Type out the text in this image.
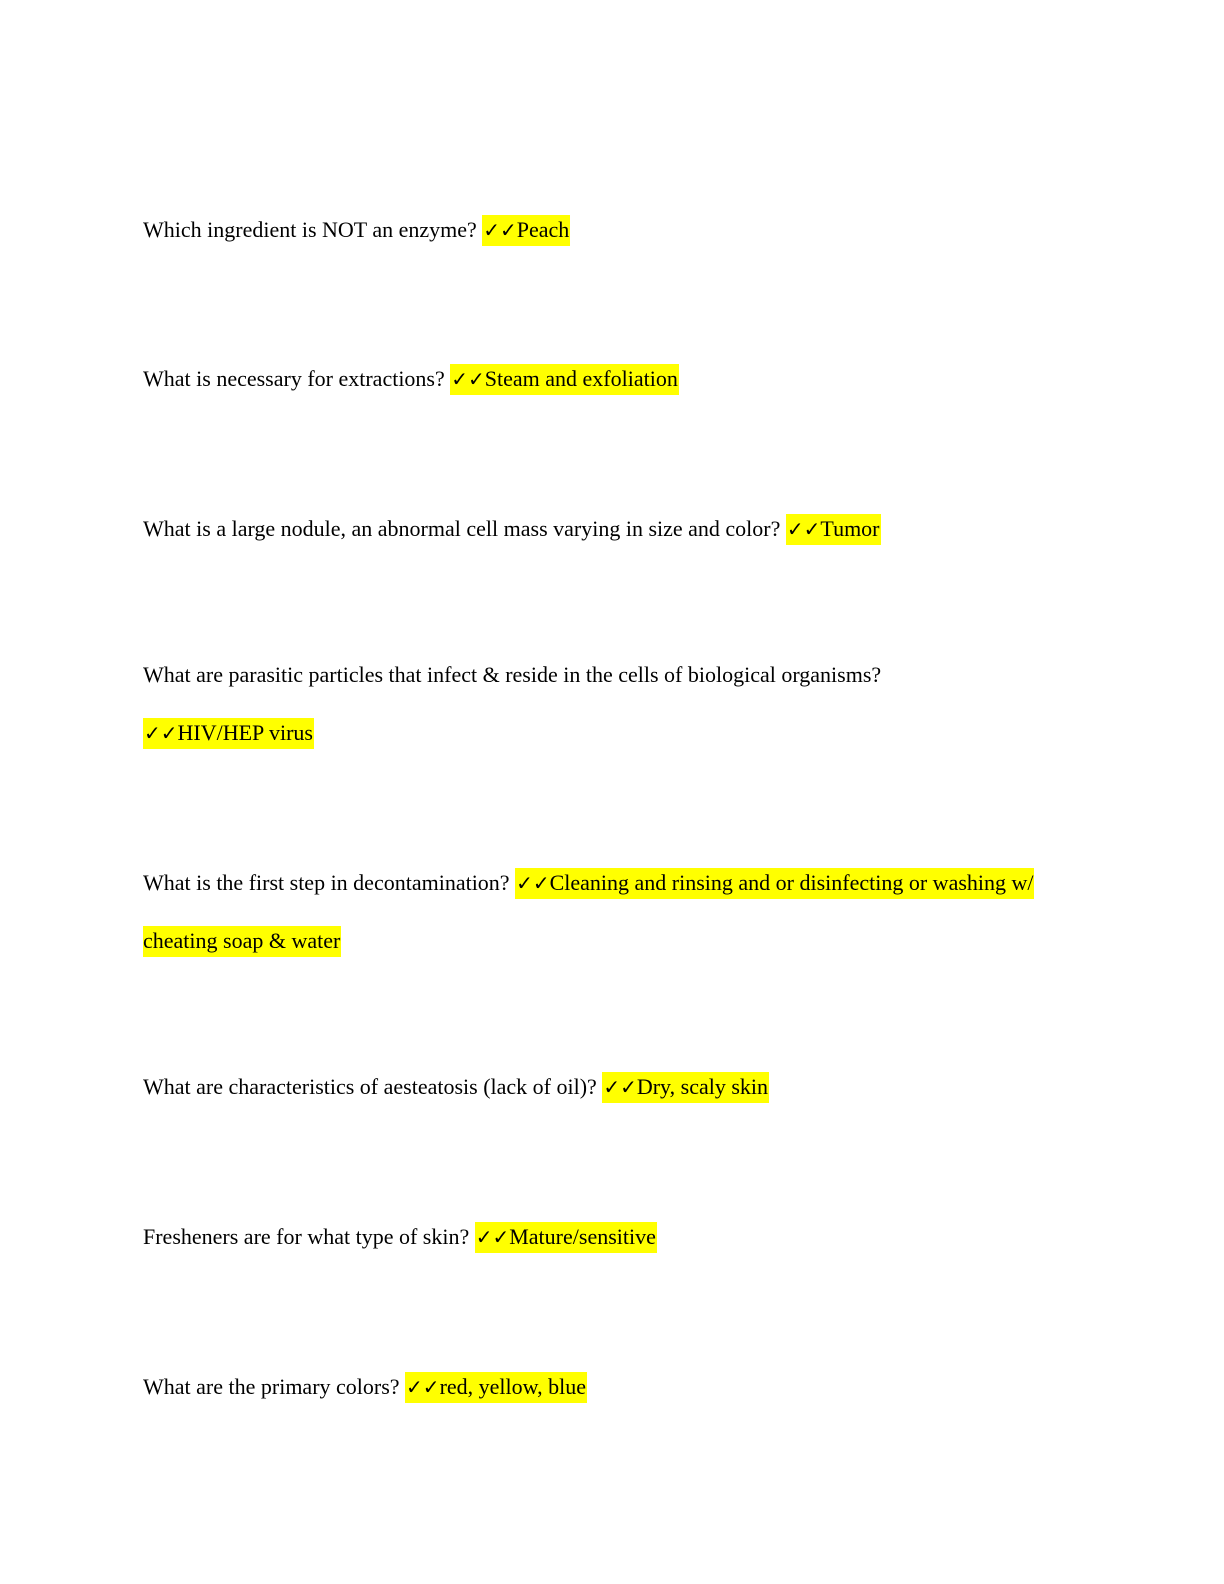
Which ingredient is NOT an enzyme? ✓✓Peach

What is necessary for extractions? ✓✓Steam and exfoliation

What is a large nodule, an abnormal cell mass varying in size and color? ✓✓Tumor

What are parasitic particles that infect & reside in the cells of biological organisms?
✓✓HIV/HEP virus

What is the first step in decontamination? ✓✓Cleaning and rinsing and or disinfecting or washing w/ cheating soap & water

What are characteristics of aesteatosis (lack of oil)? ✓✓Dry, scaly skin

Fresheners are for what type of skin? ✓✓Mature/sensitive

What are the primary colors? ✓✓red, yellow, blue
